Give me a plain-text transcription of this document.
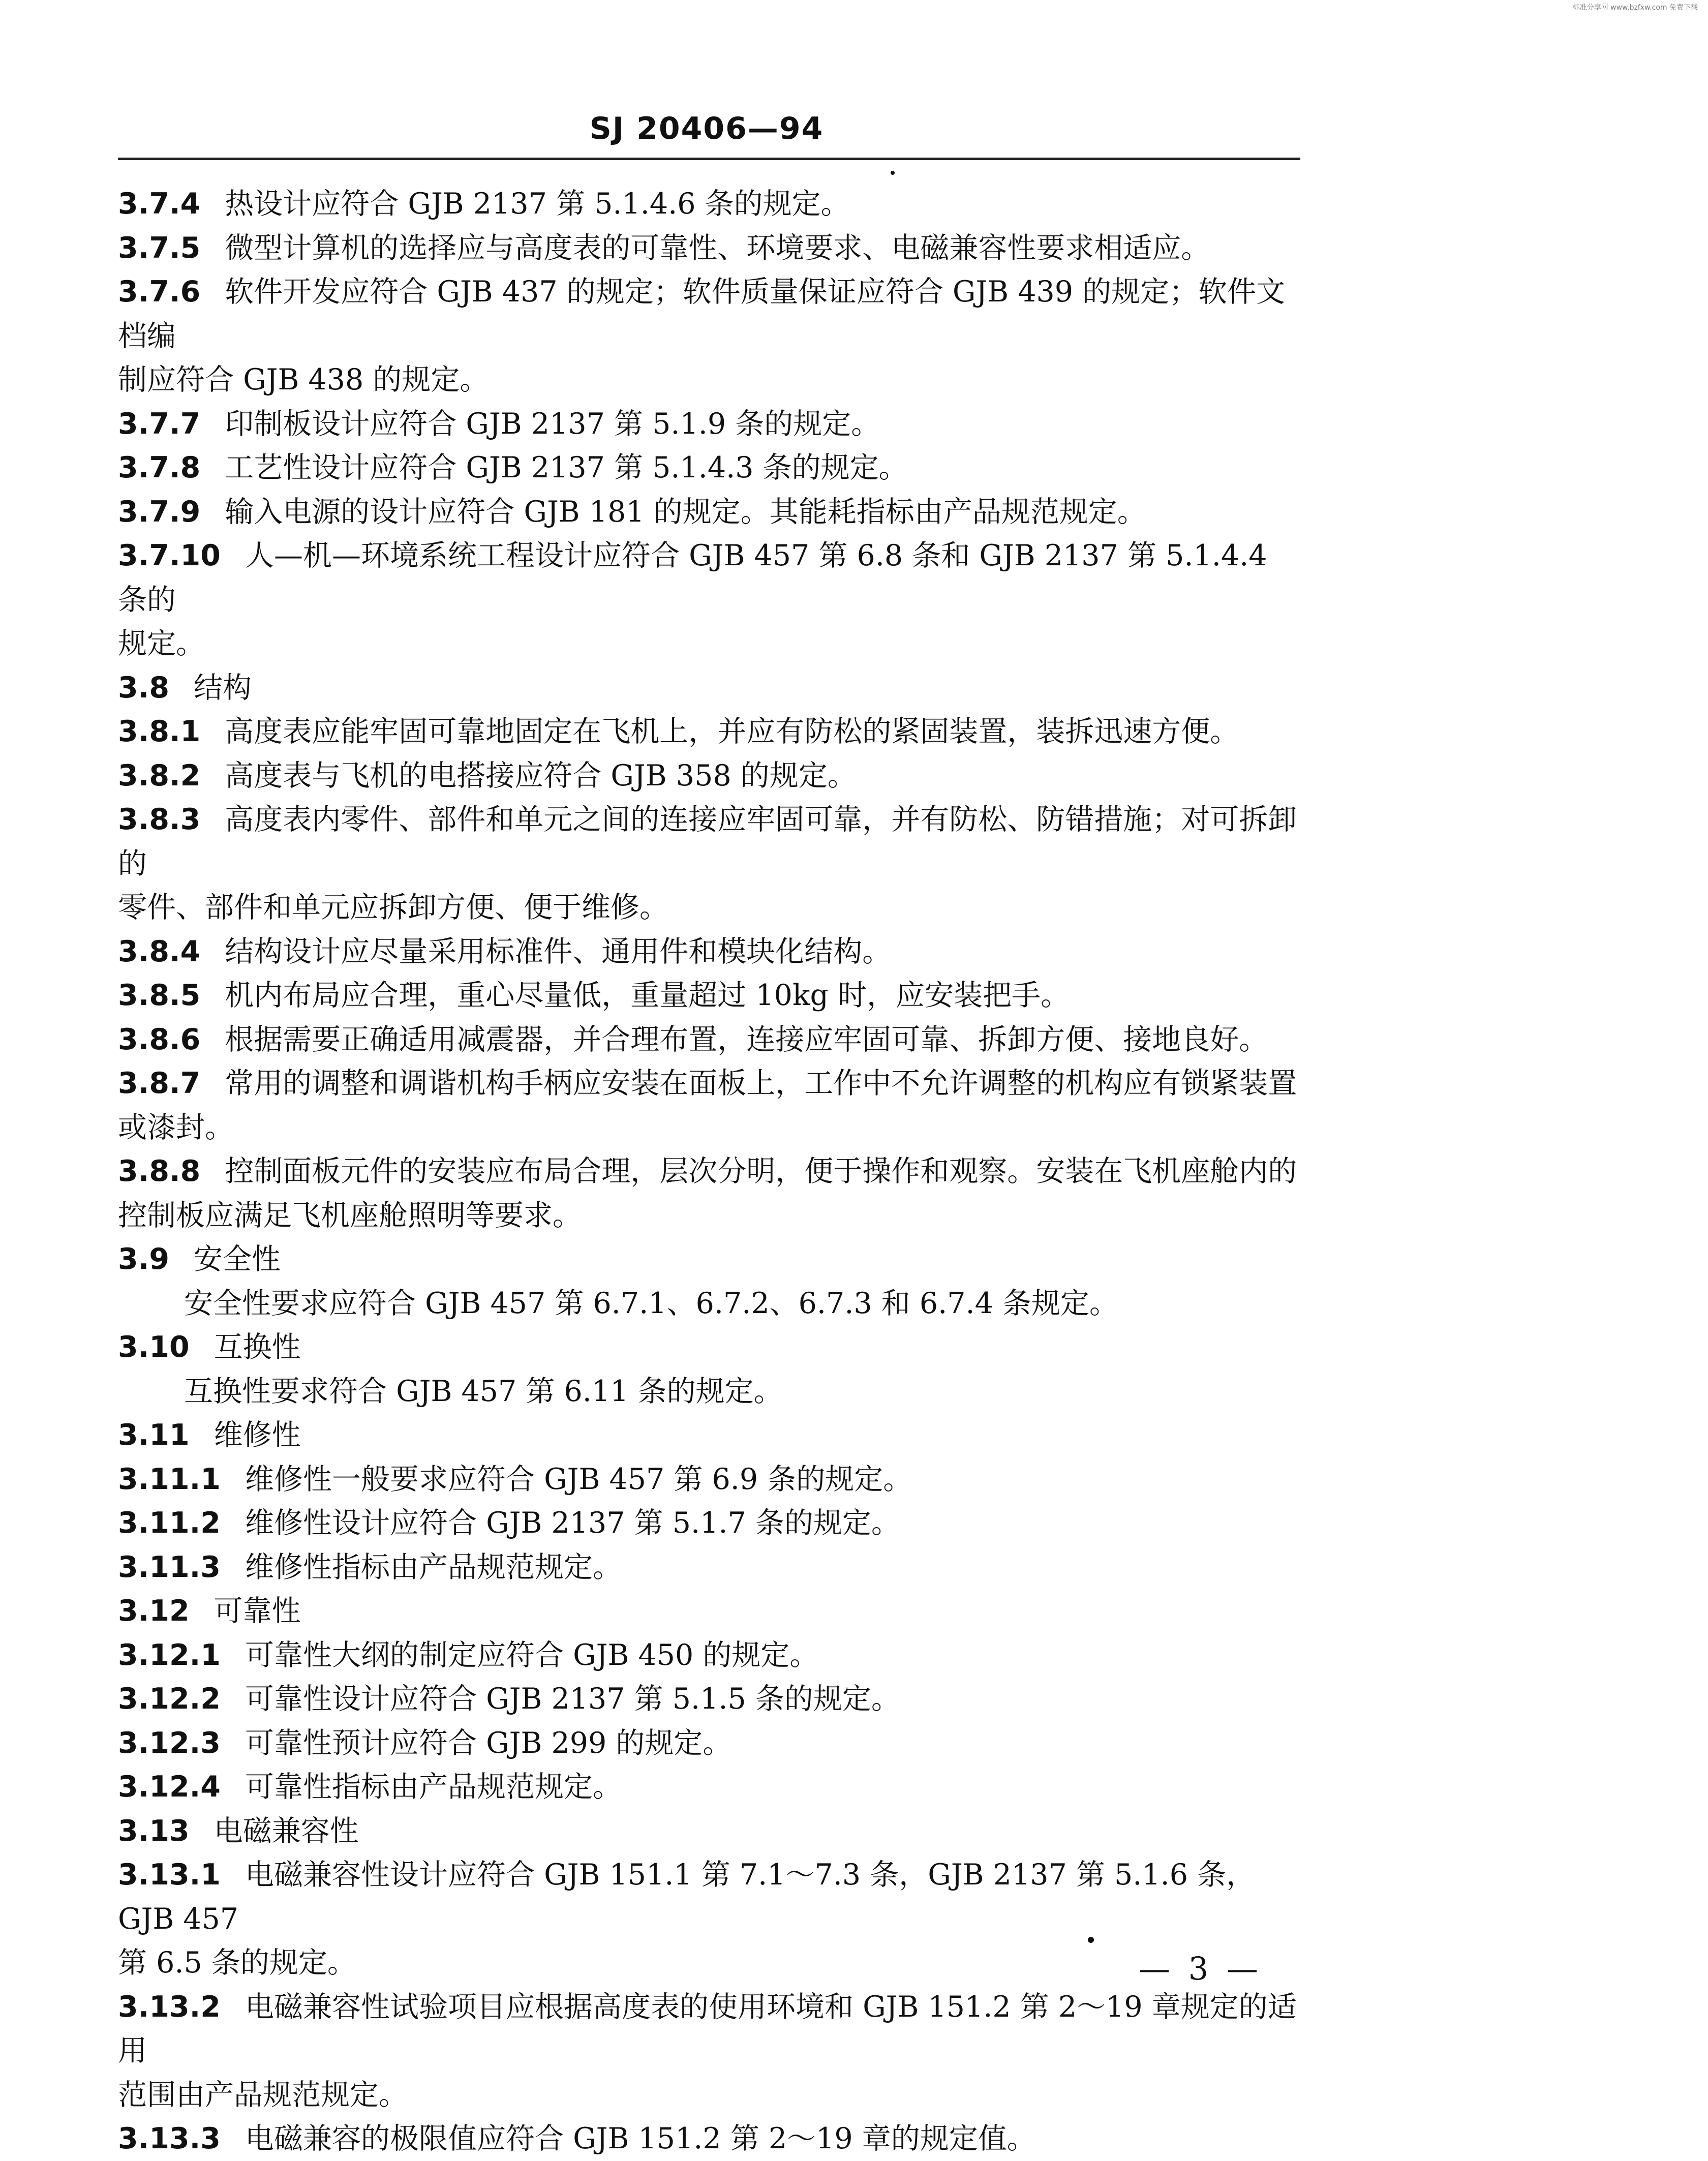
标准分享网 www.bzfxw.com 免费下载
SJ 20406—94

3.7.4 热设计应符合 GJB 2137 第 5.1.4.6 条的规定。

3.7.5 微型计算机的选择应与高度表的可靠性、环境要求、电磁兼容性要求相适应。

3.7.6 软件开发应符合 GJB 437 的规定；软件质量保证应符合 GJB 439 的规定；软件文档编

制应符合 GJB 438 的规定。

3.7.7 印制板设计应符合 GJB 2137 第 5.1.9 条的规定。

3.7.8 工艺性设计应符合 GJB 2137 第 5.1.4.3 条的规定。

3.7.9 输入电源的设计应符合 GJB 181 的规定。其能耗指标由产品规范规定。

3.7.10 人—机—环境系统工程设计应符合 GJB 457 第 6.8 条和 GJB 2137 第 5.1.4.4 条的

规定。

3.8 结构

3.8.1 高度表应能牢固可靠地固定在飞机上，并应有防松的紧固装置，装拆迅速方便。

3.8.2 高度表与飞机的电搭接应符合 GJB 358 的规定。

3.8.3 高度表内零件、部件和单元之间的连接应牢固可靠，并有防松、防错措施；对可拆卸的

零件、部件和单元应拆卸方便、便于维修。

3.8.4 结构设计应尽量采用标准件、通用件和模块化结构。

3.8.5 机内布局应合理，重心尽量低，重量超过 10kg 时，应安装把手。

3.8.6 根据需要正确适用减震器，并合理布置，连接应牢固可靠、拆卸方便、接地良好。

3.8.7 常用的调整和调谐机构手柄应安装在面板上，工作中不允许调整的机构应有锁紧装置

或漆封。

3.8.8 控制面板元件的安装应布局合理，层次分明，便于操作和观察。安装在飞机座舱内的

控制板应满足飞机座舱照明等要求。

3.9 安全性

安全性要求应符合 GJB 457 第 6.7.1、6.7.2、6.7.3 和 6.7.4 条规定。

3.10 互换性

互换性要求符合 GJB 457 第 6.11 条的规定。

3.11 维修性

3.11.1 维修性一般要求应符合 GJB 457 第 6.9 条的规定。

3.11.2 维修性设计应符合 GJB 2137 第 5.1.7 条的规定。

3.11.3 维修性指标由产品规范规定。

3.12 可靠性

3.12.1 可靠性大纲的制定应符合 GJB 450 的规定。

3.12.2 可靠性设计应符合 GJB 2137 第 5.1.5 条的规定。

3.12.3 可靠性预计应符合 GJB 299 的规定。

3.12.4 可靠性指标由产品规范规定。

3.13 电磁兼容性

3.13.1 电磁兼容性设计应符合 GJB 151.1 第 7.1～7.3 条，GJB 2137 第 5.1.6 条，GJB 457

第 6.5 条的规定。

3.13.2 电磁兼容性试验项目应根据高度表的使用环境和 GJB 151.2 第 2～19 章规定的适用

范围由产品规范规定。

3.13.3 电磁兼容的极限值应符合 GJB 151.2 第 2～19 章的规定值。

— 3 —
